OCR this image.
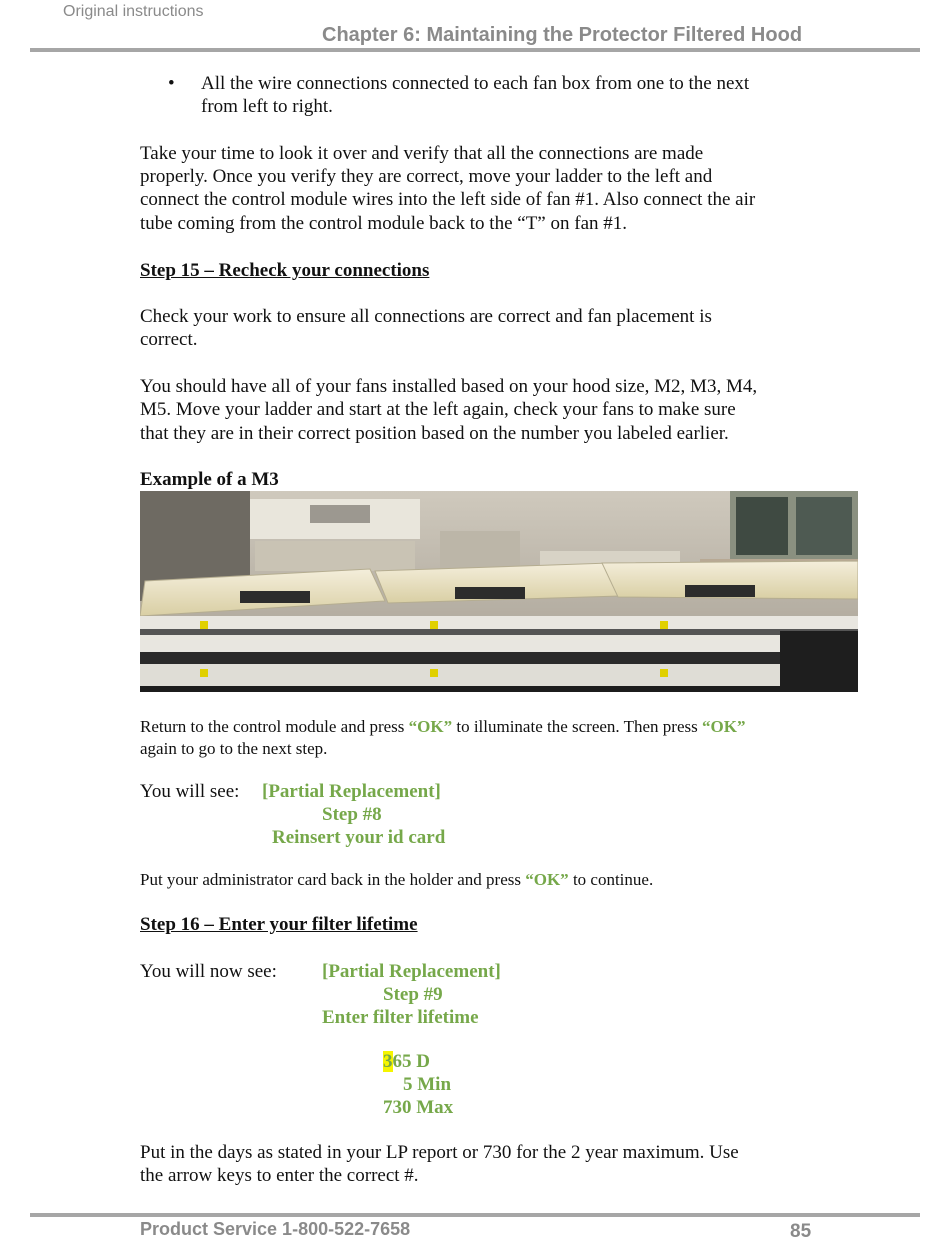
Original instructions
Chapter 6: Maintaining the Protector Filtered Hood
• All the wire connections connected to each fan box from one to the next
from left to right.
Take your time to look it over and verify that all the connections are made
properly. Once you verify they are correct, move your ladder to the left and
connect the control module wires into the left side of fan #1. Also connect the air
tube coming from the control module back to the “T” on fan #1.
Step 15 – Recheck your connections
Check your work to ensure all connections are correct and fan placement is
correct.
You should have all of your fans installed based on your hood size, M2, M3, M4,
M5. Move your ladder and start at the left again, check your fans to make sure
that they are in their correct position based on the number you labeled earlier.
Example of a M3
Return to the control module and press “OK” to illuminate the screen. Then press “OK”
again to go to the next step.
You will see: [Partial Replacement]
Step #8
Reinsert your id card
Put your administrator card back in the holder and press “OK” to continue.
Step 16 – Enter your filter lifetime
You will now see: [Partial Replacement]
Step #9
Enter filter lifetime
365 D
5 Min
730 Max
Put in the days as stated in your LP report or 730 for the 2 year maximum. Use
the arrow keys to enter the correct #.
Product Service 1-800-522-7658	85
